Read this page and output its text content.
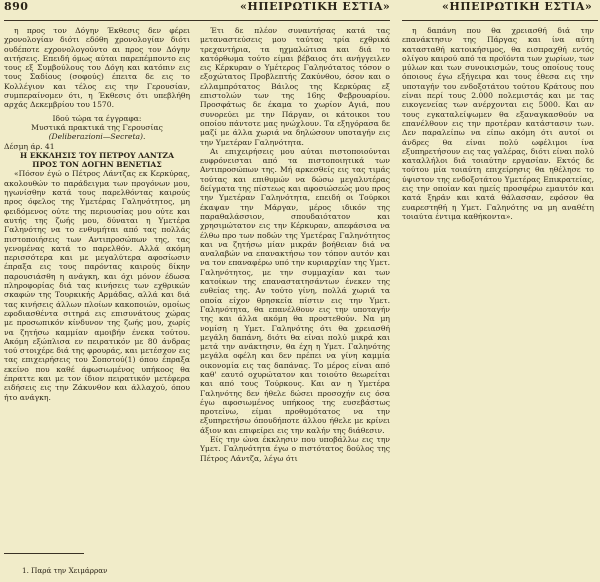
890	«ΗΠΕΙΡΩΤΙΚΗ ΕΣΤΙΑ»	«ΗΠΕΙΡΩΤΙΚΗ ΕΣΤΙΑ»

η προς τον Δόγην Έκθεσις δεν φέρει χρονολογίαν διότι εδόθη χρονολογίαν διότι ουδέποτε εχρονολογούντο αι προς τον Δόγην αιτήσεις. Επειδή όμως αύται παρεπέμποντο εις τους εξ Συμβούλους του Δόγη και κατόπιν εις τους Σαδίους (σοφούς) έπειτα δε εις το Κολλέγιον και τέλος εις την Γερουσίαν, συμπεραίνομεν ότι, η Έκθεσις ότι υπεβλήθη αρχάς Δεκεμβρίου του 1570.

Ιδού τώρα τα έγγραφα:

Μυστικά πρακτικά της Γερουσίας

(Deliberazioni—Secreta).

Δέσμη άρ. 41

Η ΕΚΚΛΗΣΙΣ ΤΟΥ ΠΕΤΡΟΥ ΛΑΝΤΖΑ

ΠΡΟΣ ΤΟΝ ΔΟΓΗΝ ΒΕΝΕΤΙΑΣ

«Πόσον έγώ ο Πέτρος Λάντζας εκ Κερκύρας, ακολουθών το παράδειγμα των προγόνων μου, ηγωνίσθην κατά τους παρελθόντας καιρούς προς όφελος της Υμετέρας Γαληνότητος, μη φειδόμενος ούτε της περιουσίας μου ούτε και αυτής της ζωής μου, δύναται η Υμετέρα Γαληνότης να το ενθυμήται από τας πολλάς πιστοποιήσεις των Αντιπροσώπων της, τας γενομένας κατά το παρελθόν. Αλλά ακόμη περισσότερα και με μεγαλύτερα αφοσίωσιν έπραξα εις τους παρόντας καιρούς δίκην παρουσιάσθη η ανάγκη, και όχι μόνον έδωσα πληροφορίας διά τας κινήσεις των εχθρικών σκαφών της Τουρκικής Αρμάδας, αλλά και διά τας κινήσεις άλλων πλοίων κακοποιών, ομοίως εφοδιασθέντα σιτηρά εις επισυνάτους χώρας με προσωπικόν κίνδυνον της ζωής μου, χωρίς να ζητήσω καμμίαν αμοιβήν ένεκα τούτου. Ακόμη εξώπλισα εν πειρατικόν με 80 άνδρας τού στοιχέρε διά της φρουράς, και μετέσχον εις τας επιχειρήσεις του Σοποτού(1) όπου έπραξα εκείνο που καθέ άφωσιωμένος υπήκοος θα έπραττε και με τον ίδιον πειρατικόν μετέφερα ειδήσεις εις την Ζάκυνθον και άλλαχού, όπου ήτο ανάγκη.

1. Παρά την Χειμάρραν

Έτι δε πλέον συναντήσας κατά τας μεταναστεύσεις μου ταύτας τρία εχθρικά τρεχαντήρια, τα ηχμαλώτισα και διά το κατόρθωμα τούτο είμαι βέβαιος ότι ανήγγειλεν εις Κέρκυραν ο Υμέτερος Γαληνότατος τόσον ο εξοχώτατος Προβλεπτής Ζακύνθου, όσον και ο ελλαμπρότατος Βάιλος της Κερκύρας εξ επιστολών των της 16ης Φεβρουαρίου. Προσφάτως δε έκαμα το χωρίον Αγιά, που συνορεύει με την Πάργαν, οι κάτοικοι του οποίου πάντοτε μας ηνώχλουν. Τα εξηγόρασα δε μαζί με άλλα χωριά να δηλώσουν υποταγήν εις την Υμετέραν Γαληνότητα.

Αι επιχειρήσεις μου αύται πιστοποιούνται ευφρόνεισται από τα πιστοποιητικά των Αντιπροσώπων της. Μή αρκεσθείς εις τας τιμάς τούτας και επιθυμών να δώσω μεγαλυτέρας δείγματα της πίστεως και αφοσιώσεώς μου προς την Υμετέραν Γαληνότητα, επειδή οι Τούρκοι έκαψαν την Μάργαν, μέρος ιδικόν της παραθαλάσσιον, σπουδαιότατον και χρησιμώτατον εις την Κέρκυραν, απεφάσισα να έλθω προ των ποδών της Υμετέρας Γαληνότητος και να ζητήσω μίαν μικράν βοήθειαν διά να αναλαβών να επανακτήσω τον τόπον αυτόν και να τον επαναφέρω υπό την κυριαρχίαν της Υμετ. Γαληνότητος, με την συμμαχίαν και των κατοίκων της επαναστατησάντων ένεκεν της ευθείας της. Αν τούτο γίνη, πολλά χωριά τα οποία είχον θρησκεία πίστιν εις την Υμετ. Γαληνότητα, θα επανέλθουν εις την υποταγήν της και άλλα ακόμη θα προστεθούν. Να μη νομίση η Υμετ. Γαληνότης ότι θα χρειασθή μεγάλη δαπάνη, διότι θα είναι πολύ μικρά και μετά την ανάκτησιν, θα έχη η Υμετ. Γαληνότης μεγάλα οφέλη και δεν πρέπει να γίνη καμμία οικονομία εις τας δαπάνας. Το μέρος είναι από καθ' εαυτό οχυρώτατον και τοιούτο θεωρείται και από τους Τούρκους. Και αν η Υμετέρα Γαληνότης δεν ήθελε δώσει προσοχήν εις όσα έγω αφοσιωμένος υπήκοος της ευσεβάστως προτείνω, είμαι προθυμότατος να την εξυπηρετήσω όπουδήποτε άλλου ήθελε με κρίνει άξιον και επιφείρει εις την καλήν της διάθεσιν.

Είς την ώνα έκκλησιν που υποβάλλω εις την Υμετ. Γαληνότητα έγω ο πιστότατος δούλος της Πέτρος Λάντζα, λέγω ότι

η δαπάνη που θα χρειασθή διά την επανάκτησιν της Πάργας και ίνα αύτη κατασταθή κατοικήσιμος, θα εισπραχθή εντός ολίγου καιρού από τα προϊόντα των χωρίων, των μύλων και των συνοικισμών, τους οποίους τους όποιους έγω εξήγειρα και τους έθεσα εις την υποταγήν του ενδοξοτάτου τούτου Κράτους που είναι περί τους 2.000 πολεμιστάς και με τας εικογενείας των ανέρχονται εις 5000. Και αν τους εγκαταλείψωμεν θα εξαναγκασθούν να επανέλθουν εις την προτέραν κατάστασιν των. Δεν παραλείπω να είπω ακόμη ότι αυτοί οι άνδρες θα είναι πολύ ωφέλιμοι ίνα εξυπηρετήσουν εις τας γαλέρας, διότι είναι πολύ καταλλήλοι διά τοιαύτην εργασίαν. Εκτός δε τούτου μία τοιαύτη επιχείρησις θα ηθέλησε το ύψιστον της ενδοξοτάτου Υμετέρας Επικρατείας, εις την οποίαν και ημείς προσφέρω εμαυτόν και κατά ξηράν και κατά θάλασσαν, εφόσον θα ευαρεστηθή η Υμετ. Γαληνότης να μη αναθέτη τοιαύτα έντιμα καθήκοντα».
